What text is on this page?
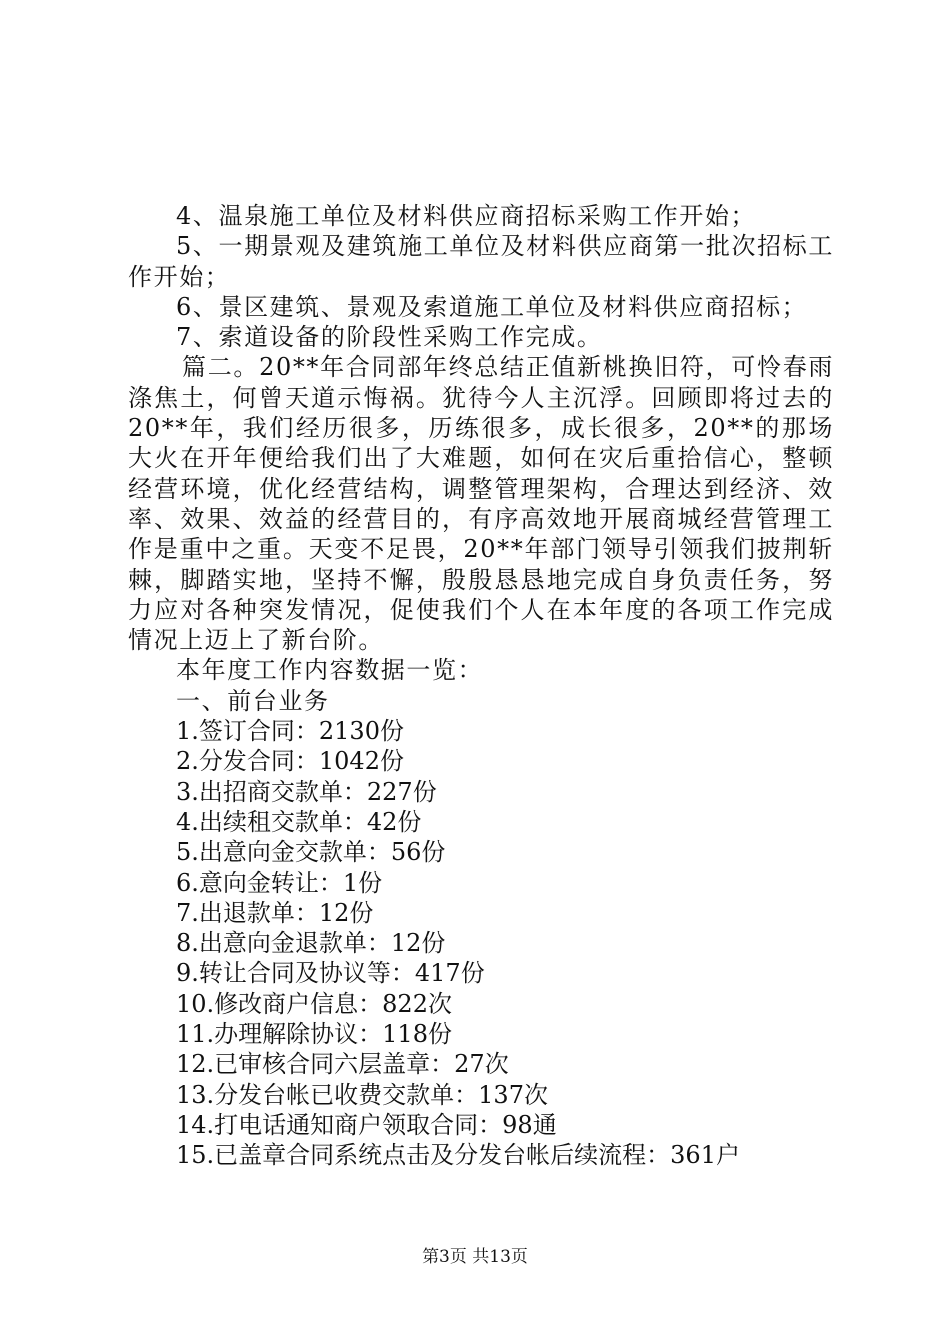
4、温泉施工单位及材料供应商招标采购工作开始；

5、一期景观及建筑施工单位及材料供应商第一批次招标工作开始；

6、景区建筑、景观及索道施工单位及材料供应商招标；

7、索道设备的阶段性采购工作完成。

篇二。20**年合同部年终总结正值新桃换旧符，可怜春雨涤焦土，何曾天道示悔祸。犹待今人主沉浮。回顾即将过去的20**年，我们经历很多，历练很多，成长很多，20**的那场大火在开年便给我们出了大难题，如何在灾后重拾信心，整顿经营环境，优化经营结构，调整管理架构，合理达到经济、效率、效果、效益的经营目的，有序高效地开展商城经营管理工作是重中之重。天变不足畏，20**年部门领导引领我们披荆斩棘，脚踏实地，坚持不懈，殷殷恳恳地完成自身负责任务，努力应对各种突发情况，促使我们个人在本年度的各项工作完成情况上迈上了新台阶。

本年度工作内容数据一览：

一、前台业务

1.签订合同：2130份

2.分发合同：1042份

3.出招商交款单：227份

4.出续租交款单：42份

5.出意向金交款单：56份

6.意向金转让：1份

7.出退款单：12份

8.出意向金退款单：12份

9.转让合同及协议等：417份

10.修改商户信息：822次

11.办理解除协议：118份

12.已审核合同六层盖章：27次

13.分发台帐已收费交款单：137次

14.打电话通知商户领取合同：98通

15.已盖章合同系统点击及分发台帐后续流程：361户

第3页 共13页
